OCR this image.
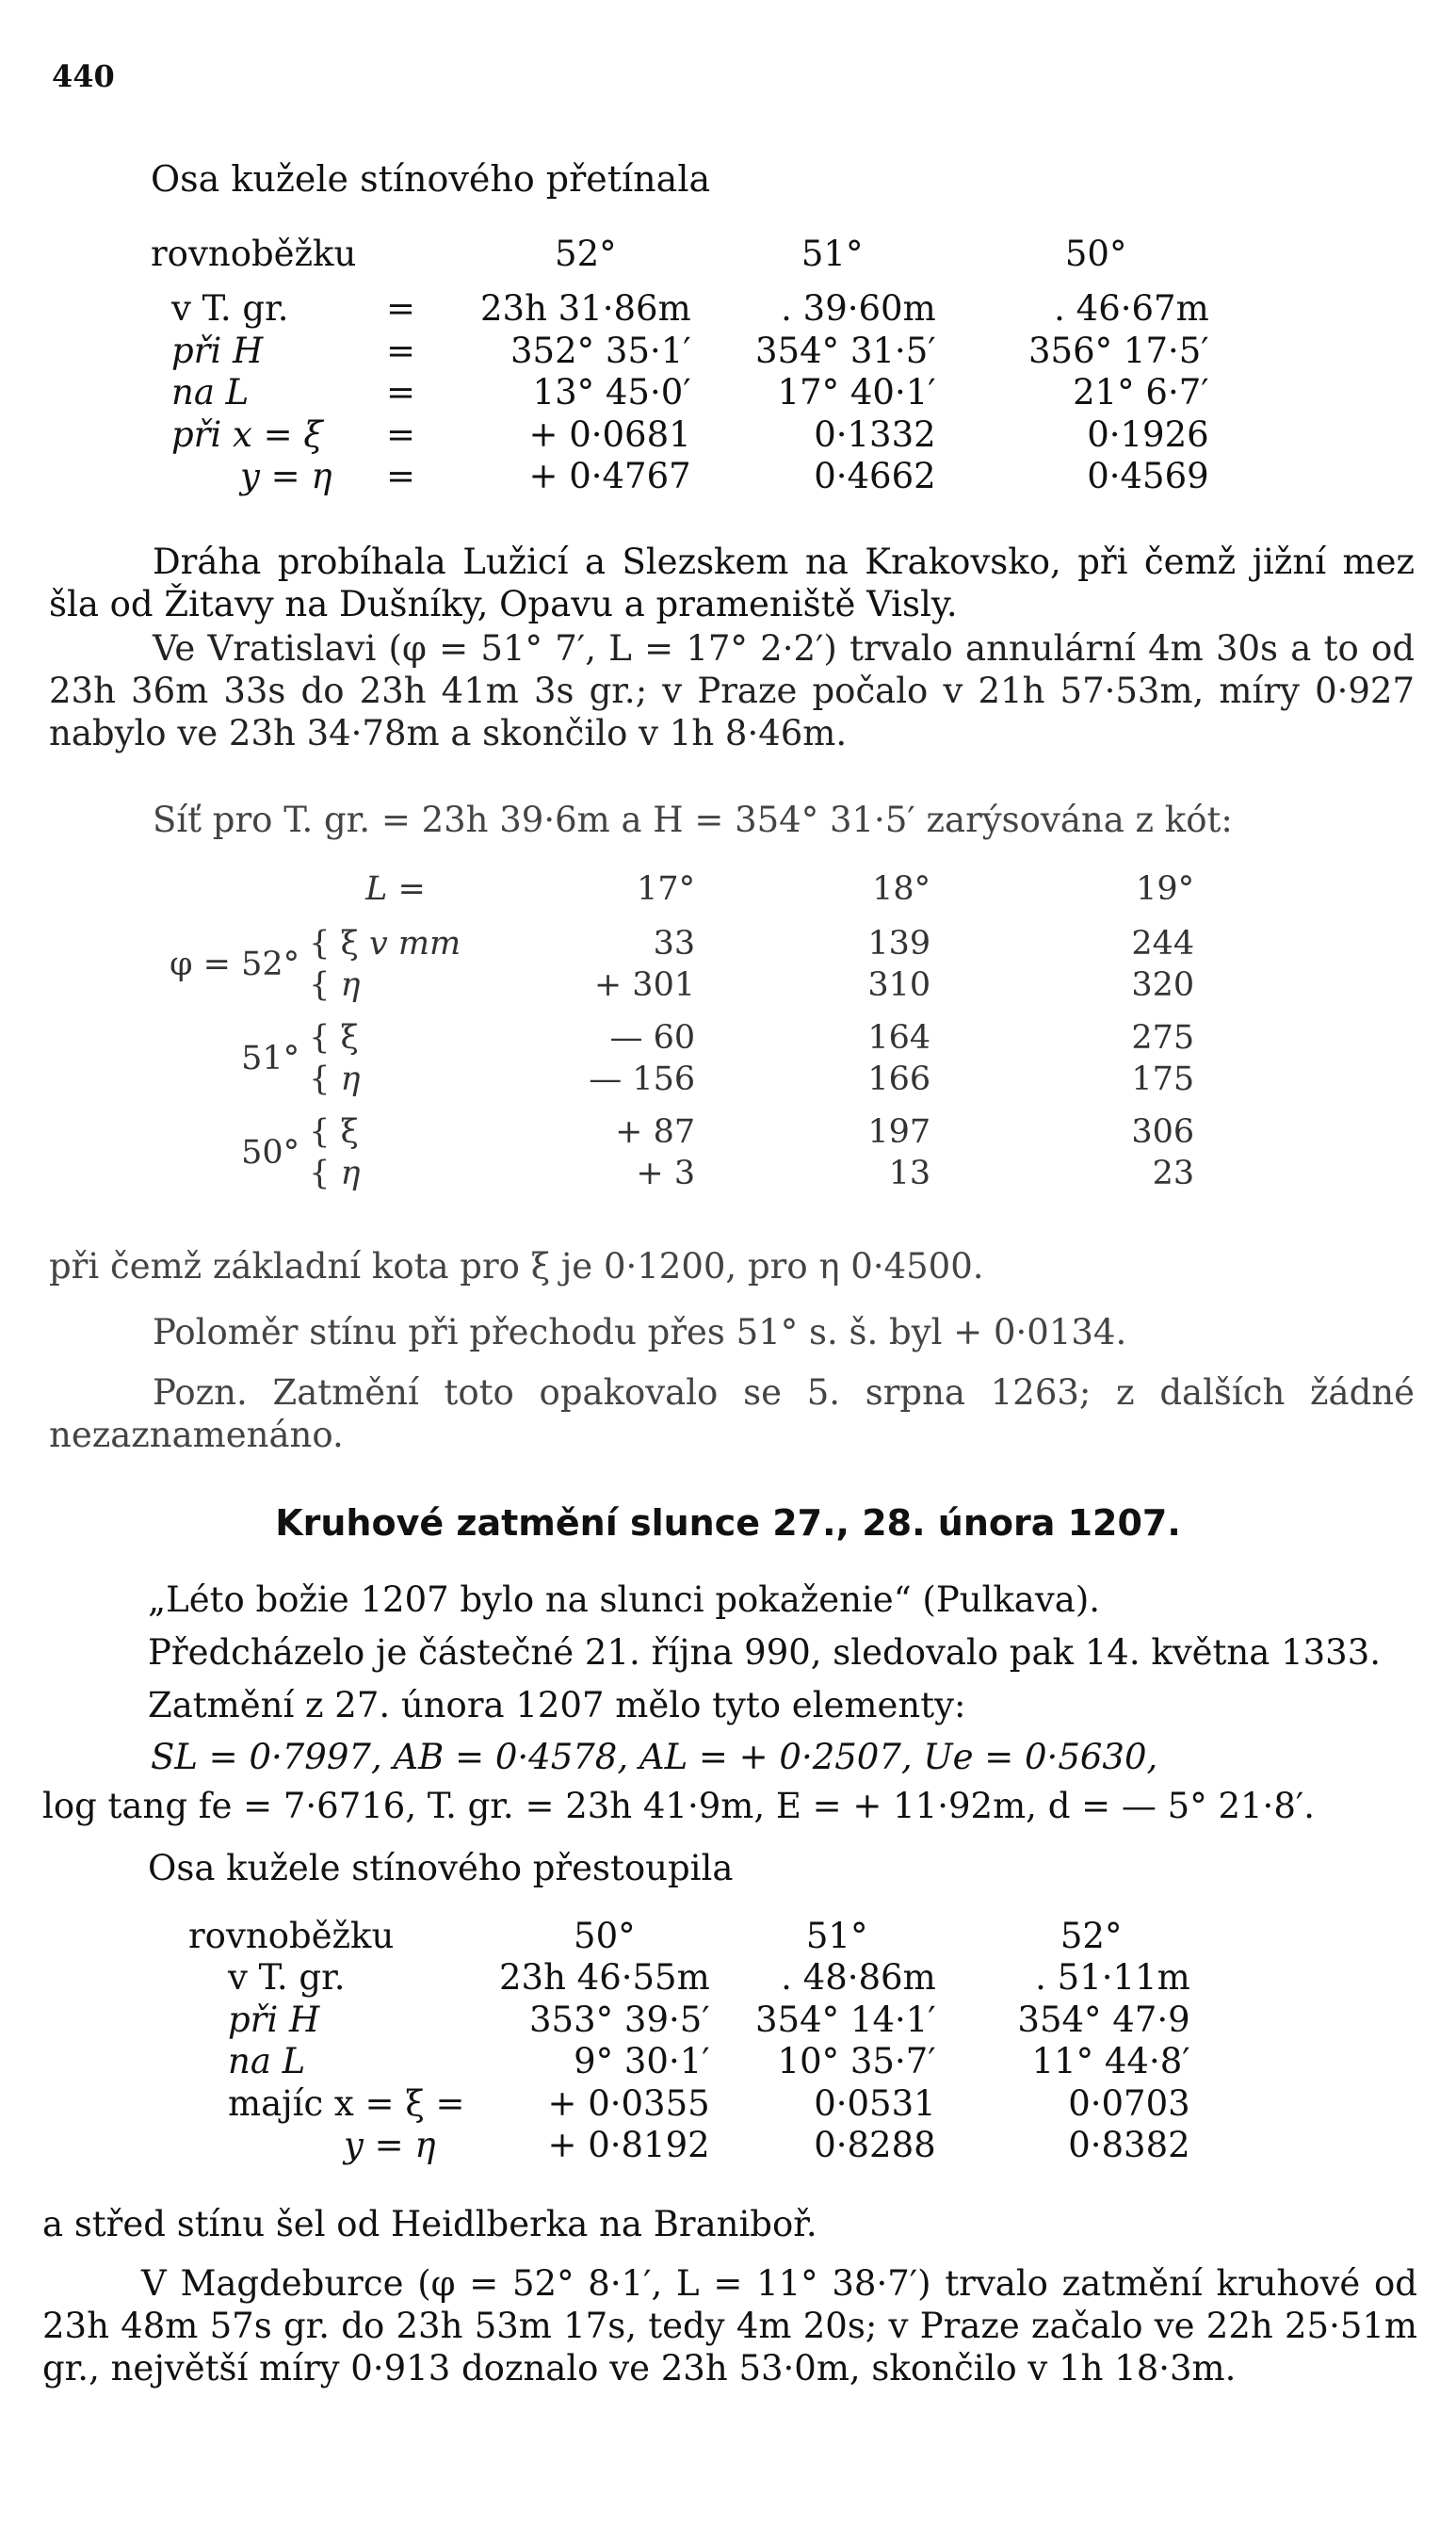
440
Osa kužele stínového přetínala
rovnoběžku		52°	51°	50°

v T. gr.	=	23h 31·86m	. 39·60m	. 46·67m
při H	=	352° 35·1′	354° 31·5′	356° 17·5′
na L	=	13° 45·0′	17° 40·1′	21° 6·7′
při x = ξ	=	+ 0·0681	0·1332	0·1926
y = η	=	+ 0·4767	0·4662	0·4569
Dráha probíhala Lužicí a Slezskem na Krakovsko, při čemž jižní mez šla od Žitavy na Dušníky, Opavu a prameniště Visly.
Ve Vratislavi (φ = 51° 7′, L = 17° 2·2′) trvalo annulární 4m 30s a to od 23h 36m 33s do 23h 41m 3s gr.; v Praze počalo v 21h 57·53m, míry 0·927 nabylo ve 23h 34·78m a skončilo v 1h 8·46m.
Síť pro T. gr. = 23h 39·6m a H = 354° 31·5′ zarýsována z kót:
	L =	17°	18°	19°

φ = 52°	{ ξ v mm	33	139	244
	{ η	+ 301	310	320

51°	{ ξ	— 60	164	275
	{ η	— 156	166	175

50°	{ ξ	+ 87	197	306
	{ η	+ 3	13	23
při čemž základní kota pro ξ je 0·1200, pro η 0·4500.
Poloměr stínu při přechodu přes 51° s. š. byl + 0·0134.
Pozn. Zatmění toto opakovalo se 5. srpna 1263; z dalších žádné nezaznamenáno.
Kruhové zatmění slunce 27., 28. února 1207.
„Léto božie 1207 bylo na slunci pokaženie“ (Pulkava).
Předcházelo je částečné 21. října 990, sledovalo pak 14. května 1333.
Zatmění z 27. února 1207 mělo tyto elementy:
SL = 0·7997, AB = 0·4578, AL = + 0·2507, Ue = 0·5630,
log tang fe = 7·6716, T. gr. = 23h 41·9m, E = + 11·92m, d = — 5° 21·8′.
Osa kužele stínového přestoupila
rovnoběžku	50°	51°	52°
v T. gr.	23h 46·55m	. 48·86m	. 51·11m
při H	353° 39·5′	354° 14·1′	354° 47·9
na L	9° 30·1′	10° 35·7′	11° 44·8′
majíc x = ξ =	+ 0·0355	0·0531	0·0703
y = η	+ 0·8192	0·8288	0·8382
a střed stínu šel od Heidlberka na Braniboř.
V Magdeburce (φ = 52° 8·1′, L = 11° 38·7′) trvalo zatmění kruhové od 23h 48m 57s gr. do 23h 53m 17s, tedy 4m 20s; v Praze začalo ve 22h 25·51m gr., největší míry 0·913 doznalo ve 23h 53·0m, skončilo v 1h 18·3m.
